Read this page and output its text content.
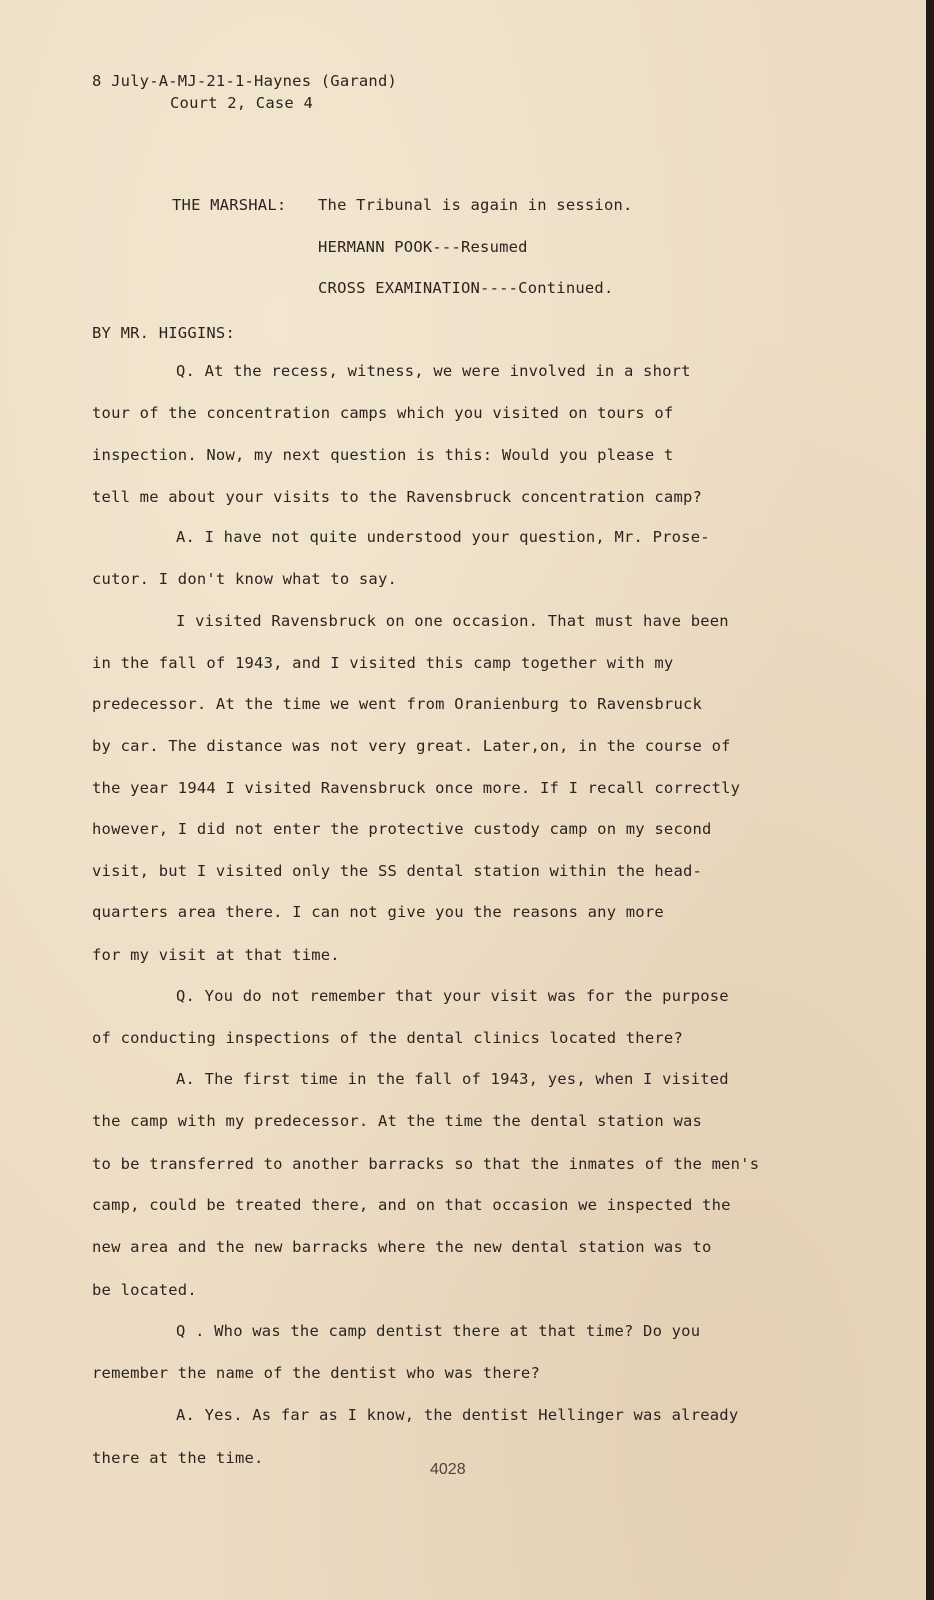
8 July-A-MJ-21-1-Haynes (Garand)
Court 2, Case 4
THE MARSHAL: The Tribunal is again in session.
HERMANN POOK---Resumed
CROSS EXAMINATION----Continued.
BY MR. HIGGINS:
Q. At the recess, witness, we were involved in a short
tour of the concentration camps which you visited on tours of
inspection. Now, my next question is this: Would you please t
tell me about your visits to the Ravensbruck concentration camp?
A. I have not quite understood your question, Mr. Prose-
cutor. I don't know what to say.
I visited Ravensbruck on one occasion. That must have been
in the fall of 1943, and I visited this camp together with my
predecessor. At the time we went from Oranienburg to Ravensbruck
by car. The distance was not very great. Later,on, in the course of
the year 1944 I visited Ravensbruck once more. If I recall correctly
however, I did not enter the protective custody camp on my second
visit, but I visited only the SS dental station within the head-
quarters area there. I can not give you the reasons any more
for my visit at that time.
Q. You do not remember that your visit was for the purpose
of conducting inspections of the dental clinics located there?
A. The first time in the fall of 1943, yes, when I visited
the camp with my predecessor. At the time the dental station was
to be transferred to another barracks so that the inmates of the men's
camp, could be treated there, and on that occasion we inspected the
new area and the new barracks where the new dental station was to
be located.
Q . Who was the camp dentist there at that time? Do you
remember the name of the dentist who was there?
A. Yes. As far as I know, the dentist Hellinger was already
there at the time.
4028
